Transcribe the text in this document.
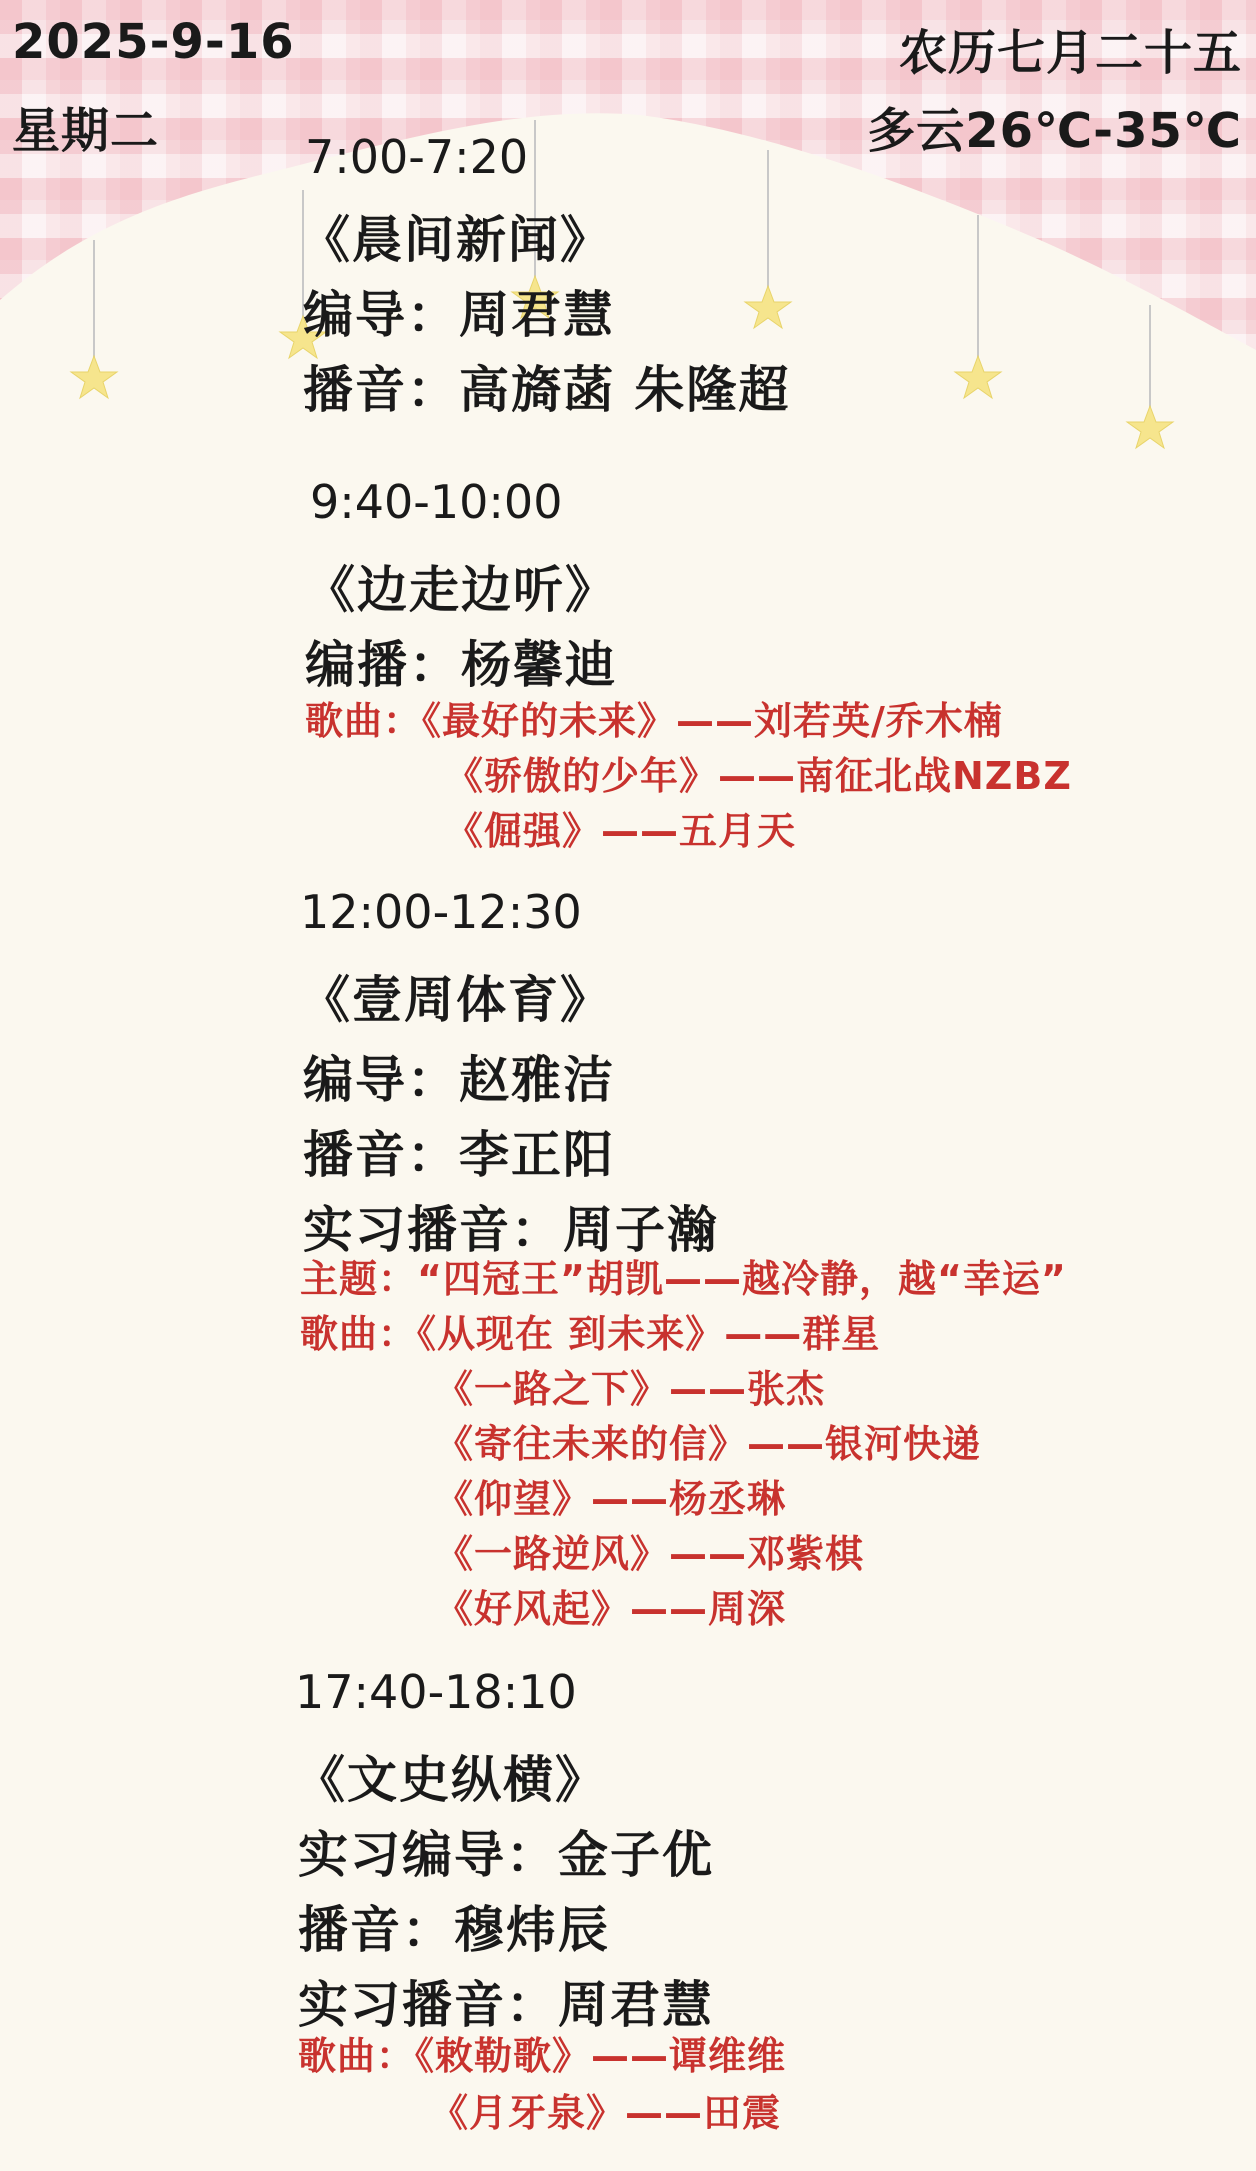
2025-9-16
星期二
农历七月二十五
多云26℃-35℃
7:00-7:20
《晨间新闻》
编导：周君慧
播音：高旖菡 朱隆超
9:40-10:00
《边走边听》
编播：杨馨迪
歌曲：《最好的未来》——刘若英/乔木楠
《骄傲的少年》——南征北战NZBZ
《倔强》——五月天
12:00-12:30
《壹周体育》
编导：赵雅洁
播音：李正阳
实习播音：周子瀚
主题：“四冠王”胡凯——越冷静，越“幸运”
歌曲：《从现在 到未来》——群星
《一路之下》——张杰
《寄往未来的信》——银河快递
《仰望》——杨丞琳
《一路逆风》——邓紫棋
《好风起》——周深
17:40-18:10
《文史纵横》
实习编导：金子优
播音：穆炜辰
实习播音：周君慧
歌曲：《敕勒歌》——谭维维
《月牙泉》——田震
